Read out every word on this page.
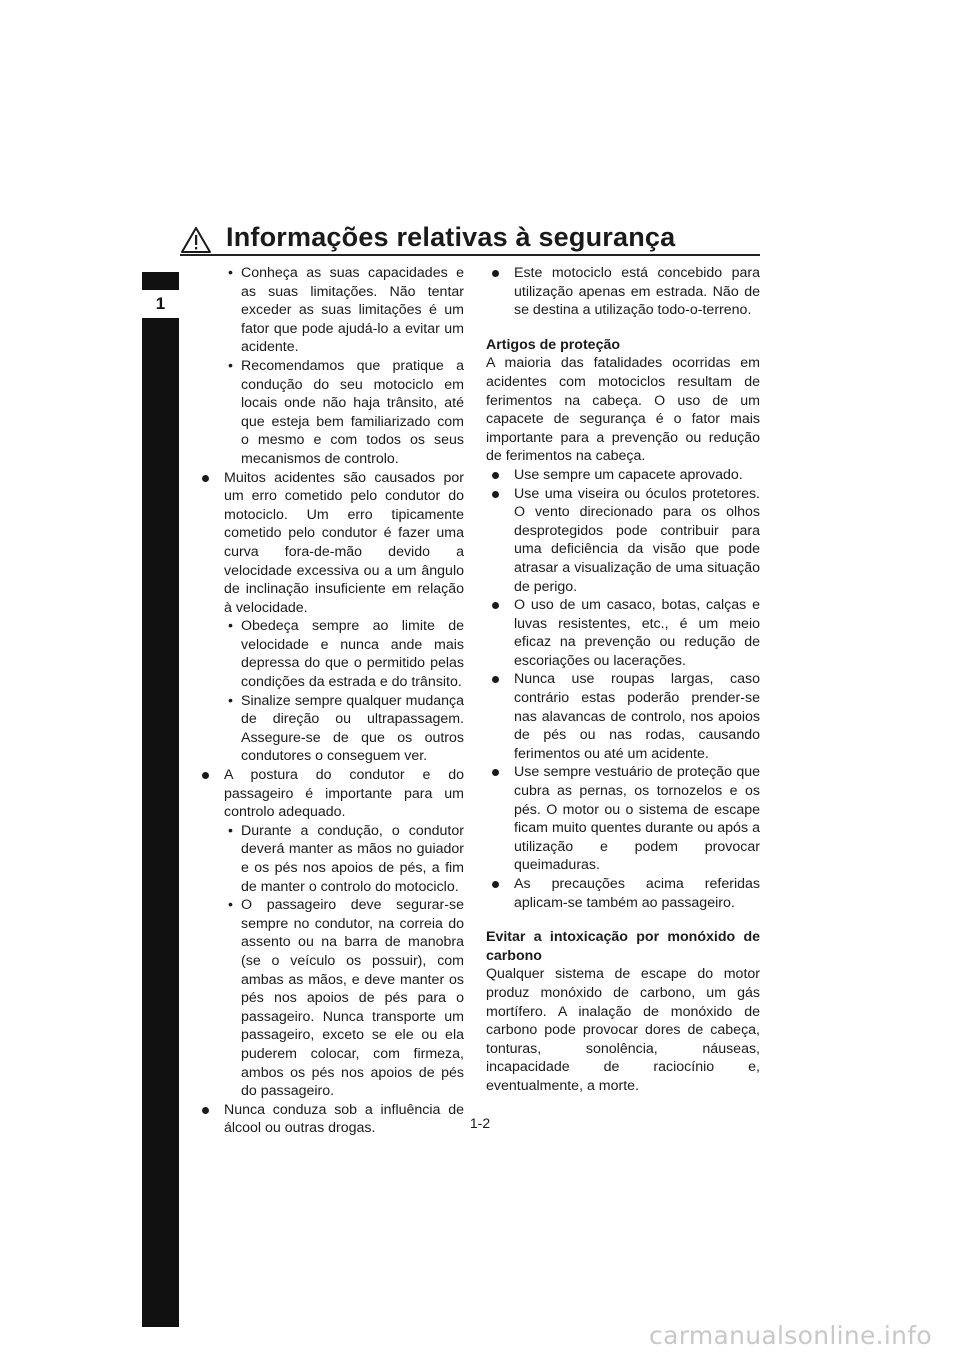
Informações relativas à segurança
1
• Conheça as suas capacidades e as suas limitações. Não tentar exceder as suas limitações é um fator que pode ajudá-lo a evitar um acidente.
• Recomendamos que pratique a condução do seu motociclo em locais onde não haja trânsito, até que esteja bem familiarizado com o mesmo e com todos os seus mecanismos de controlo.
Muitos acidentes são causados por um erro cometido pelo condutor do motociclo. Um erro tipicamente cometido pelo condutor é fazer uma curva fora-de-mão devido a velocidade excessiva ou a um ângulo de inclinação insuficiente em relação à velocidade.
• Obedeça sempre ao limite de velocidade e nunca ande mais depressa do que o permitido pelas condições da estrada e do trânsito.
• Sinalize sempre qualquer mudança de direção ou ultrapassagem. Assegure-se de que os outros condutores o conseguem ver.
A postura do condutor e do passageiro é importante para um controlo adequado.
• Durante a condução, o condutor deverá manter as mãos no guiador e os pés nos apoios de pés, a fim de manter o controlo do motociclo.
• O passageiro deve segurar-se sempre no condutor, na correia do assento ou na barra de manobra (se o veículo os possuir), com ambas as mãos, e deve manter os pés nos apoios de pés para o passageiro. Nunca transporte um passageiro, exceto se ele ou ela puderem colocar, com firmeza, ambos os pés nos apoios de pés do passageiro.
Nunca conduza sob a influência de álcool ou outras drogas.
Este motociclo está concebido para utilização apenas em estrada. Não de se destina a utilização todo-o-terreno.
Artigos de proteção
A maioria das fatalidades ocorridas em acidentes com motociclos resultam de ferimentos na cabeça. O uso de um capacete de segurança é o fator mais importante para a prevenção ou redução de ferimentos na cabeça.
Use sempre um capacete aprovado.
Use uma viseira ou óculos protetores. O vento direcionado para os olhos desprotegidos pode contribuir para uma deficiência da visão que pode atrasar a visualização de uma situação de perigo.
O uso de um casaco, botas, calças e luvas resistentes, etc., é um meio eficaz na prevenção ou redução de escoriações ou lacerações.
Nunca use roupas largas, caso contrário estas poderão prender-se nas alavancas de controlo, nos apoios de pés ou nas rodas, causando ferimentos ou até um acidente.
Use sempre vestuário de proteção que cubra as pernas, os tornozelos e os pés. O motor ou o sistema de escape ficam muito quentes durante ou após a utilização e podem provocar queimaduras.
As precauções acima referidas aplicam-se também ao passageiro.
Evitar a intoxicação por monóxido de carbono
Qualquer sistema de escape do motor produz monóxido de carbono, um gás mortífero. A inalação de monóxido de carbono pode provocar dores de cabeça, tonturas, sonolência, náuseas, incapacidade de raciocínio e, eventualmente, a morte.
1-2
carmanualsonline.info
